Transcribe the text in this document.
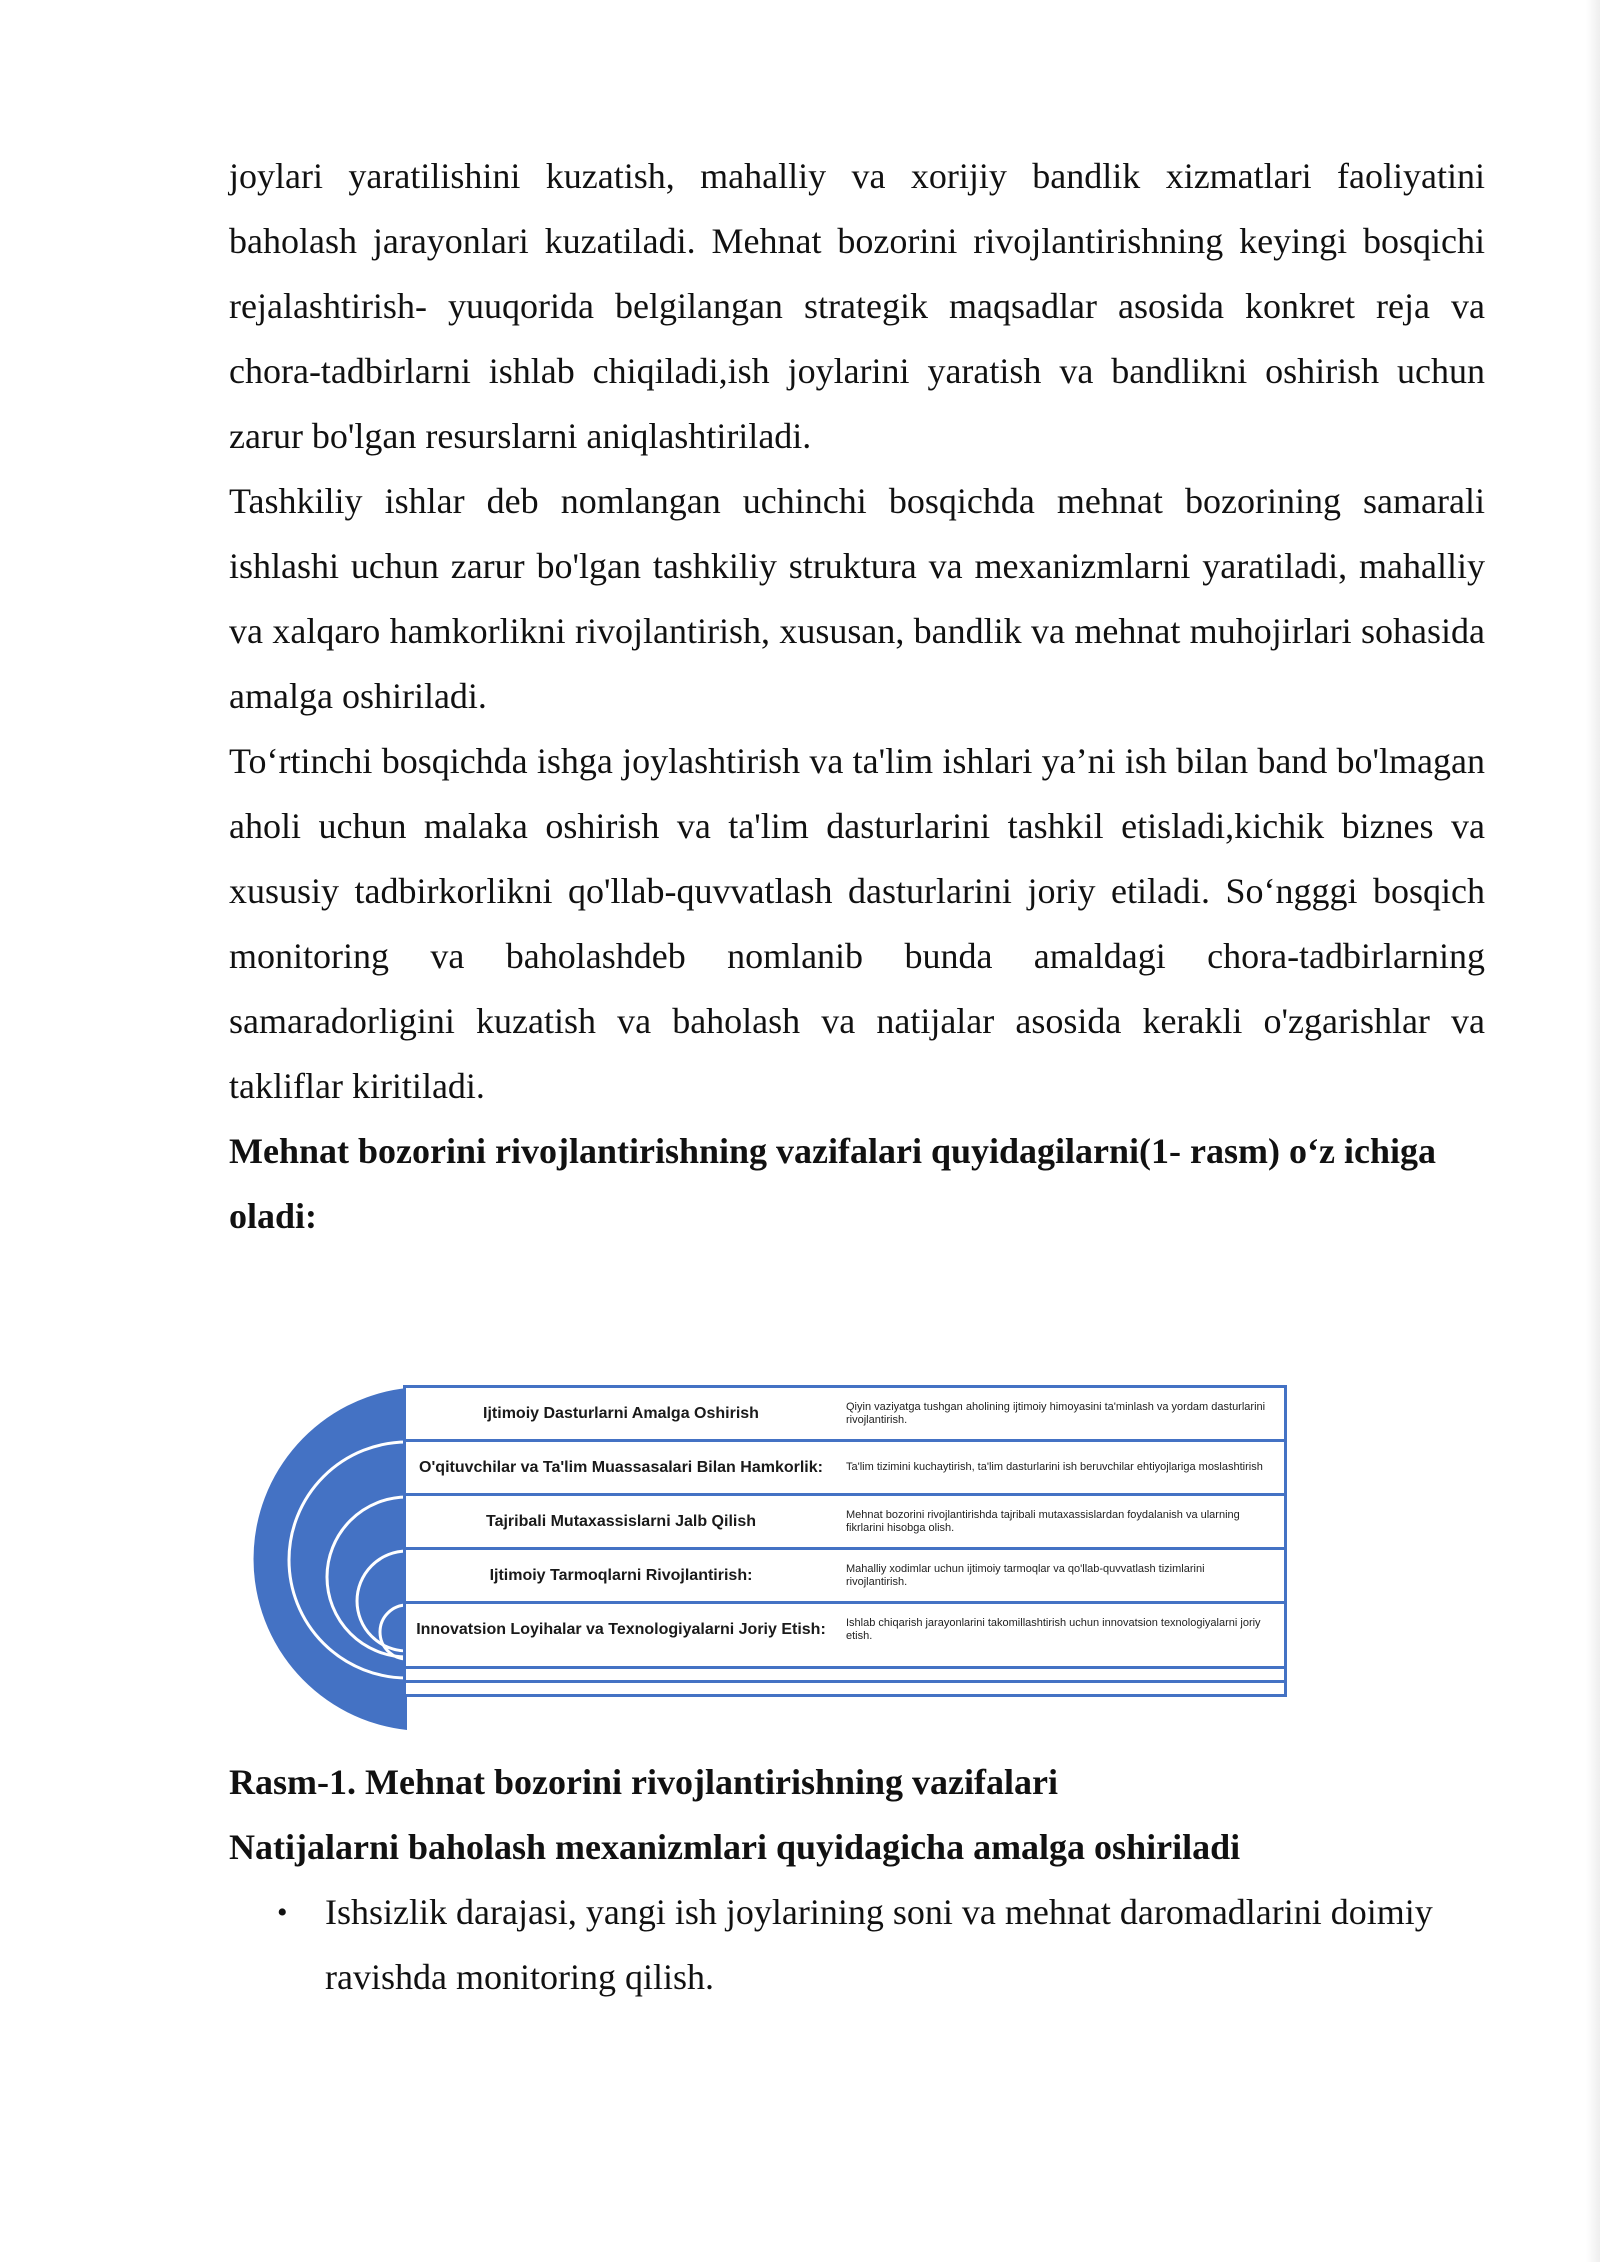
joylari yaratilishini kuzatish, mahalliy va xorijiy bandlik xizmatlari faoliyatini baholash jarayonlari kuzatiladi. Mehnat bozorini rivojlantirishning keyingi bosqichi rejalashtirish- yuuqorida belgilangan strategik maqsadlar asosida konkret reja va chora-tadbirlarni ishlab chiqiladi,ish joylarini yaratish va bandlikni oshirish uchun zarur bo'lgan resurslarni aniqlashtiriladi.

Tashkiliy ishlar deb nomlangan uchinchi bosqichda mehnat bozorining samarali ishlashi uchun zarur bo'lgan tashkiliy struktura va mexanizmlarni yaratiladi, mahalliy va xalqaro hamkorlikni rivojlantirish, xususan, bandlik va mehnat muhojirlari sohasida amalga oshiriladi.

To‘rtinchi bosqichda ishga joylashtirish va ta'lim ishlari ya’ni ish bilan band bo'lmagan aholi uchun malaka oshirish va ta'lim dasturlarini tashkil etisladi,kichik biznes va xususiy tadbirkorlikni qo'llab-quvvatlash dasturlarini joriy etiladi. So‘ngggi bosqich monitoring va baholashdeb nomlanib bunda amaldagi chora-tadbirlarning samaradorligini kuzatish va baholash va natijalar asosida kerakli o'zgarishlar va takliflar kiritiladi.

Mehnat bozorini rivojlantirishning vazifalari quyidagilarni(1- rasm) o‘z ichiga oladi:

Ijtimoiy Dasturlarni Amalga Oshirish	Qiyin vaziyatga tushgan aholining ijtimoiy himoyasini ta'minlash va yordam dasturlarini rivojlantirish.
O'qituvchilar va Ta'lim Muassasalari Bilan Hamkorlik:	Ta'lim tizimini kuchaytirish, ta'lim dasturlarini ish beruvchilar ehtiyojlariga moslashtirish
Tajribali Mutaxassislarni Jalb Qilish	Mehnat bozorini rivojlantirishda tajribali mutaxassislardan foydalanish va ularning fikrlarini hisobga olish.
Ijtimoiy Tarmoqlarni Rivojlantirish:	Mahalliy xodimlar uchun ijtimoiy tarmoqlar va qo'llab-quvvatlash tizimlarini rivojlantirish.
Innovatsion Loyihalar va Texnologiyalarni Joriy Etish:	Ishlab chiqarish jarayonlarini takomillashtirish uchun innovatsion texnologiyalarni joriy etish.
Rasm-1. Mehnat bozorini rivojlantirishning vazifalari
Natijalarni baholash mexanizmlari quyidagicha amalga oshiriladi
• Ishsizlik darajasi, yangi ish joylarining soni va mehnat daromadlarini doimiy ravishda monitoring qilish.
